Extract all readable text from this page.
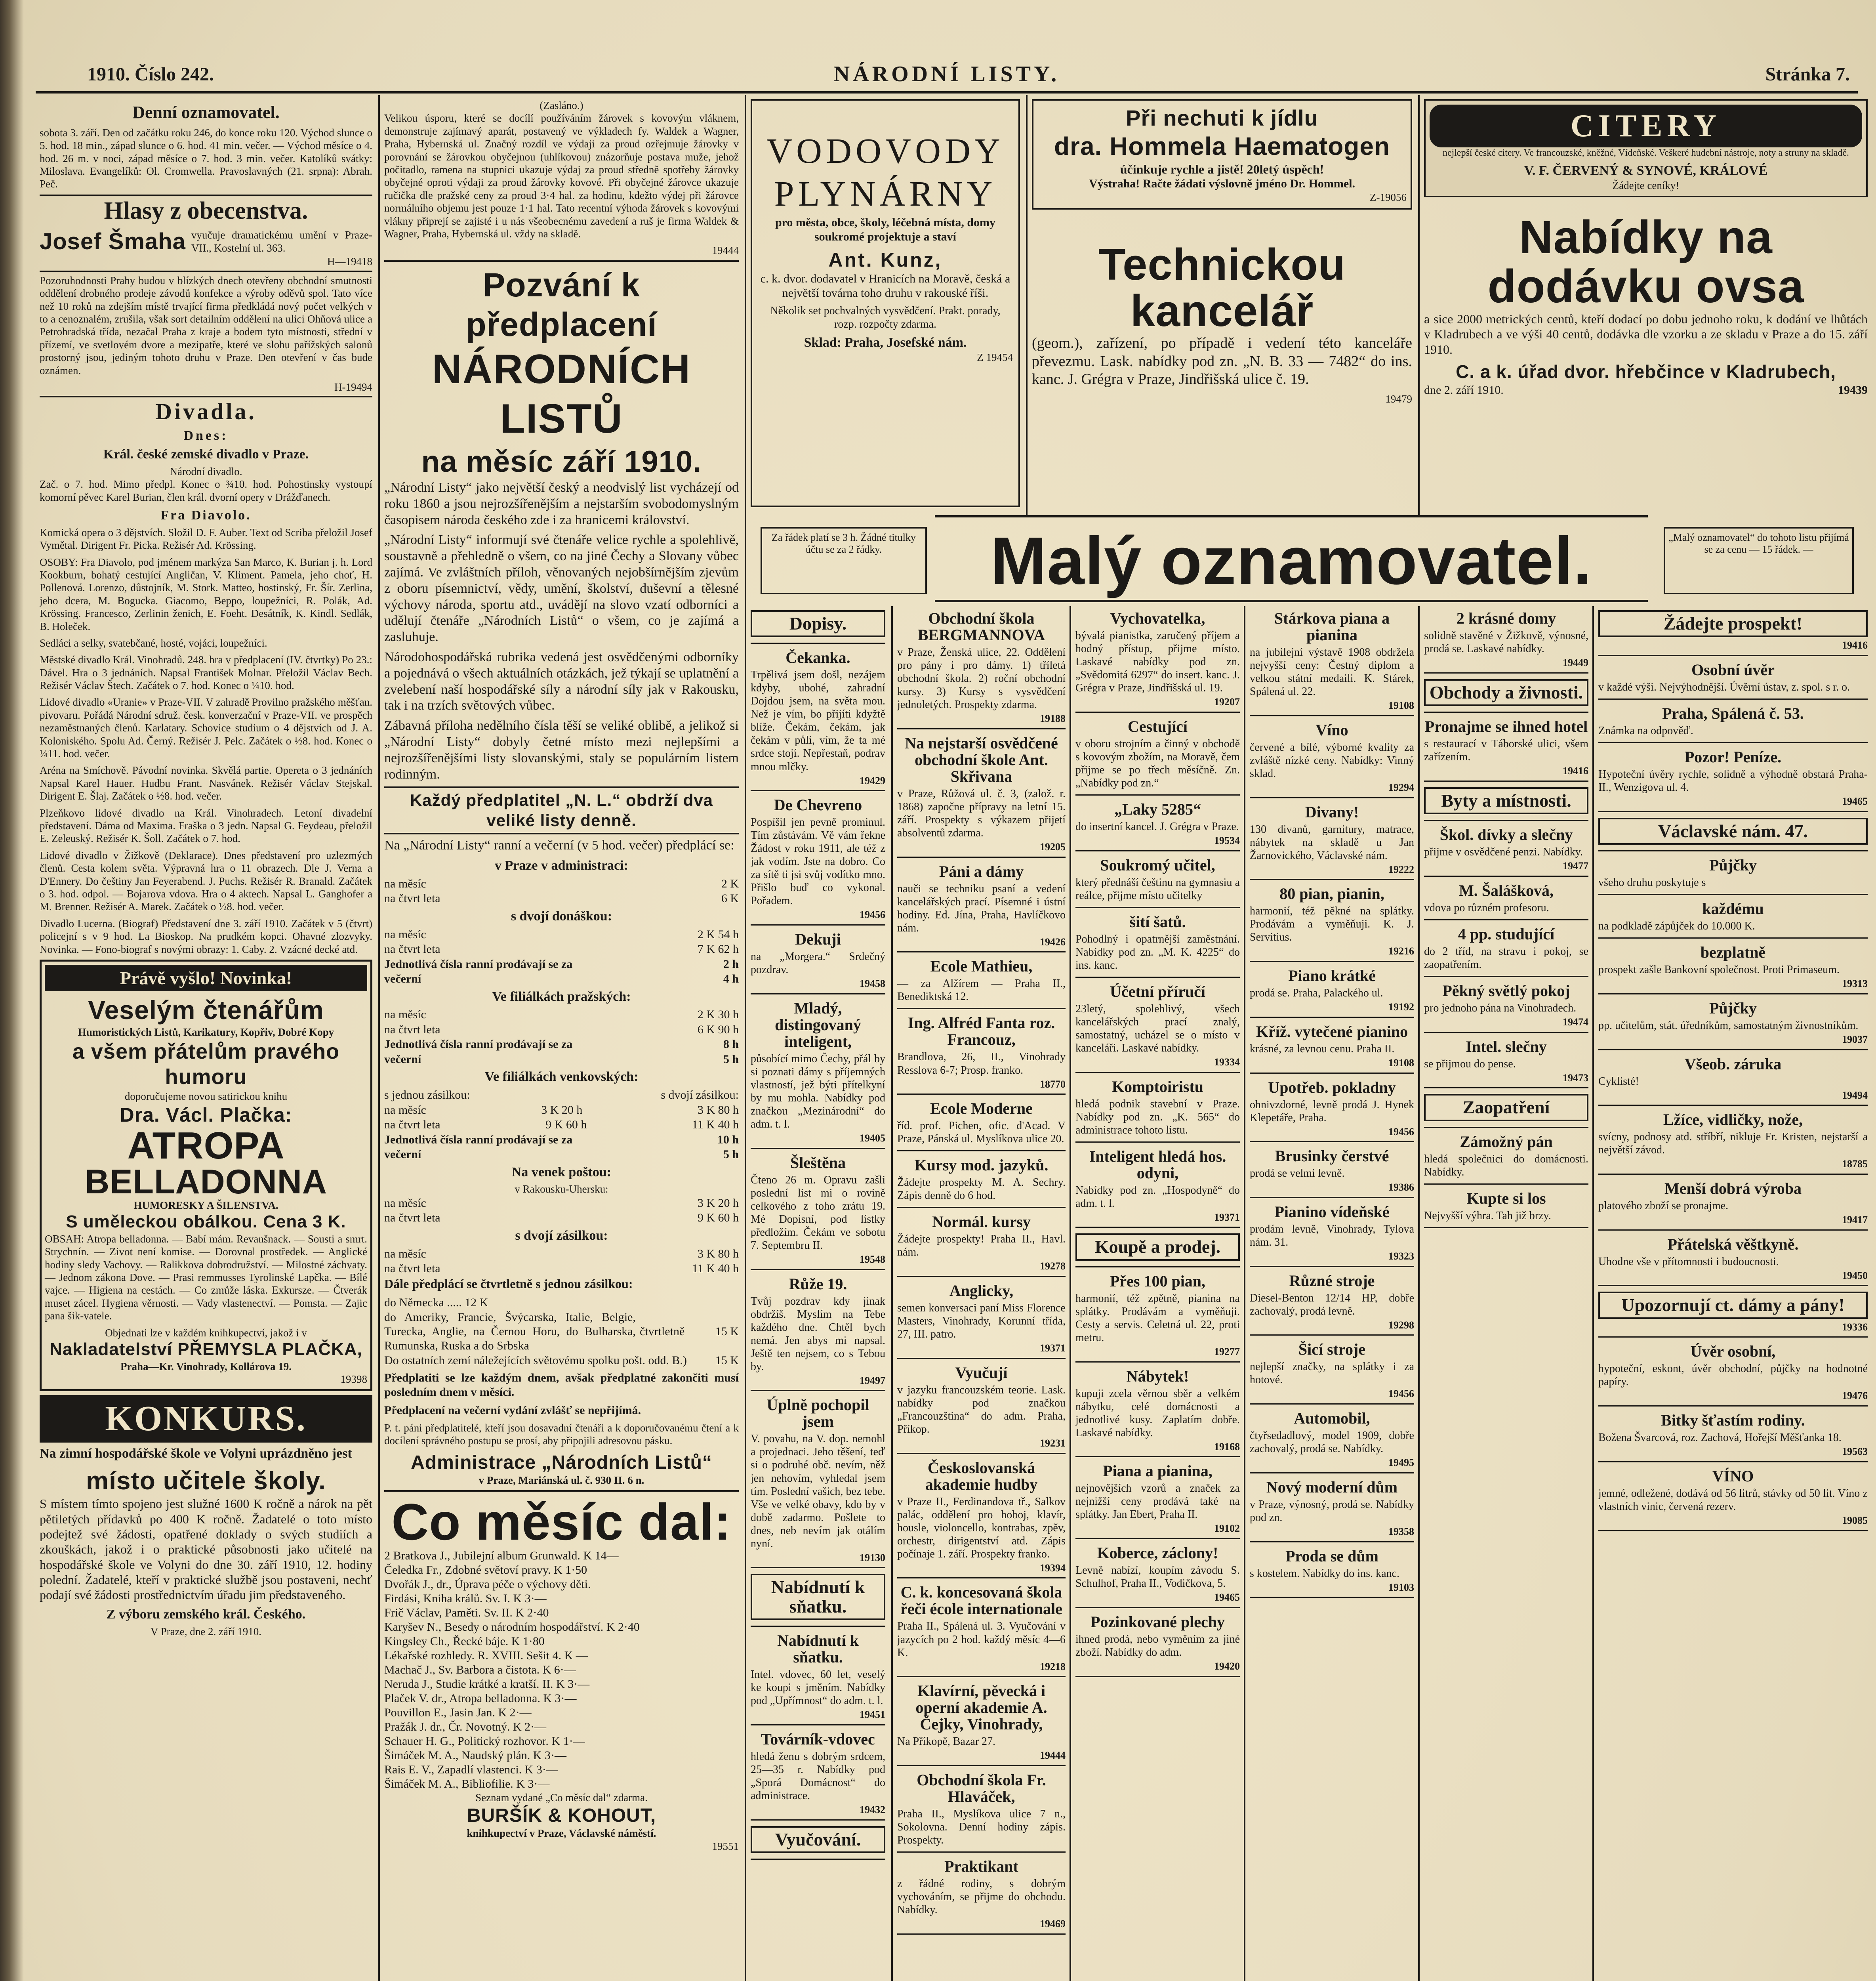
1910. Číslo 242.	NÁRODNÍ LISTY.	Stránka 7.
Denní oznamovatel.

sobota 3. září. Den od začátku roku 246, do konce roku 120. Východ slunce o 5. hod. 18 min., západ slunce o 6. hod. 41 min. večer. — Východ měsíce o 4. hod. 26 m. v noci, západ měsíce o 7. hod. 3 min. večer. Katolíků svátky: Miloslava. Evangelíků: Ol. Cromwella. Pravoslavných (21. srpna): Abrah. Peč.

Hlasy z obecenstva.
Josef Šmaha vyučuje dramatickému umění v Praze-VII., Kostelní ul. 363.
H—19418

Pozoruhodnosti Prahy budou v blízkých dnech otevřeny obchodní smutnosti oddělení drobného prodeje závodů konfekce a výroby oděvů spol. Tato více než 10 roků na zdejším místě trvající firma předkládá nový počet velkých v to a cenoznalém, zrušila, však sort detailním oddělení na ulici Ohňová ulice a Petrohradská třída, nezačal Praha z kraje a bodem tyto místnosti, střední v přízemí, ve svetlovém dvore a mezipatře, které ve slohu pařížských salonů prostorný jsou, jediným tohoto druhu v Praze. Den otevření v čas bude oznámen.

H-19494
Divadla.
Dnes:
Král. české zemské divadlo v Praze.
Národní divadlo.

Zač. o 7. hod. Mimo předpl. Konec o ¾10. hod. Pohostinsky vystoupí komorní pěvec Karel Burian, člen král. dvorní opery v Drážďanech.

Fra Diavolo.

Komická opera o 3 dějstvích. Složil D. F. Auber. Text od Scriba přeložil Josef Vymětal. Dirigent Fr. Picka. Režisér Ad. Krössing.

OSOBY: Fra Diavolo, pod jménem markýza San Marco, K. Burian j. h. Lord Kookburn, bohatý cestující Angličan, V. Kliment. Pamela, jeho choť, H. Pollenová. Lorenzo, důstojník, M. Stork. Matteo, hostinský, Fr. Šír. Zerlina, jeho dcera, M. Bogucka. Giacomo, Beppo, loupežníci, R. Polák, Ad. Krössing. Francesco, Zerlinin ženich, E. Foeht. Desátník, K. Kindl. Sedlák, B. Holeček.

Sedláci a selky, svatebčané, hosté, vojáci, loupežníci.

Městské divadlo Král. Vinohradů. 248. hra v předplacení (IV. čtvrtky) Po 23.: Dável. Hra o 3 jednáních. Napsal František Molnar. Přeložil Václav Bech. Režisér Václav Štech. Začátek o 7. hod. Konec o ¼10. hod.

Lidové divadlo «Uranie» v Praze-VII. V zahradě Provilno pražského měšťan. pivovaru. Pořádá Národní sdruž. česk. konverzační v Praze-VII. ve prospěch nezaměstnaných členů. Karlatary. Schovice studium o 4 dějstvích od J. A. Koloniského. Spolu Ad. Černý. Režisér J. Pelc. Začátek o ½8. hod. Konec o ¼11. hod. večer.

Aréna na Smíchově. Pávodní novinka. Skvělá partie. Opereta o 3 jednáních Napsal Karel Hauer. Hudbu Frant. Nasvánek. Režisér Václav Stejskal. Dirigent E. Šlaj. Začátek o ½8. hod. večer.

Plzeňkovo lidové divadlo na Král. Vinohradech. Letoní divadelní představení. Dáma od Maxima. Fraška o 3 jedn. Napsal G. Feydeau, přeložil E. Zeleuský. Režisér K. Šoll. Začátek o 7. hod.

Lidové divadlo v Žižkově (Deklarace). Dnes představení pro uzlezmých členů. Cesta kolem světa. Výpravná hra o 11 obrazech. Dle J. Verna a D'Ennery. Do češtiny Jan Feyerabend. J. Puchs. Režisér R. Branald. Začátek o 3. hod. odpol. — Bojarova vdova. Hra o 4 aktech. Napsal L. Ganghofer a M. Brenner. Režisér A. Marek. Začátek o ½8. hod. večer.

Divadlo Lucerna. (Biograf) Představení dne 3. září 1910. Začátek v 5 (čtvrt) policejní s v 9 hod. La Bioskop. Na prudkém kopci. Ohavné zlozvyky. Novinka. — Fono-biograf s novými obrazy: 1. Caby. 2. Vzácné decké atd.

Právě vyšlo! Novinka!
Veselým čtenářům
Humoristických Listů, Karikatury, Kopřiv, Dobré Kopy
a všem přátelům pravého humoru
doporučujeme novou satirickou knihu
Dra. Václ. Plačka:
ATROPA
BELLADONNA
HUMORESKY A ŠILENSTVA.
S uměleckou obálkou. Cena 3 K.

OBSAH: Atropa belladonna. — Babí mám. Revanšnack. — Sousti a smrt. Strychnín. — Zivot není komise. — Dorovnal prostředek. — Anglické hodiny sledy Vachovy. — Ralikkova dobrodružství. — Milostné záchvaty. — Jednom zákona Dove. — Prasi remmusses Tyrolinské Lapčka. — Bílé vajce. — Higiena na cestách. — Co zmůže láska. Exkursze. — Čtverák muset zácel. Hygiena věrnosti. — Vady vlastenectví. — Pomsta. — Zajic pana šik-vatele.

Objednati lze v každém knihkupectví, jakož i v
Nakladatelství PŘEMYSLA PLAČKA,
Praha—Kr. Vinohrady, Kollárova 19.
19398
KONKURS.

Na zimní hospodářské škole ve Volyni uprázdněno jest

místo učitele školy.

S místem tímto spojeno jest služné 1600 K ročně a nárok na pět pětiletých přídavků po 400 K ročně. Žadatelé o toto místo podejtež své žádosti, opatřené doklady o svých studiích a zkouškách, jakož i o praktické působnosti jako učitelé na hospodářské škole ve Volyni do dne 30. září 1910, 12. hodiny polední. Žadatelé, kteří v praktické službě jsou postaveni, nechť podají své žádosti prostřednictvím úřadu jim představeného.

Z výboru zemského král. Českého.
V Praze, dne 2. září 1910.
(Zasláno.)

Velikou úsporu, které se docílí používáním žárovek s kovovým vláknem, demonstruje zajímavý aparát, postavený ve výkladech fy. Waldek a Wagner, Praha, Hybernská ul. Značný rozdíl ve výdaji za proud ozřejmuje žárovky v porovnání se žárovkou obyčejnou (uhlíkovou) znázorňuje postava muže, jehož počitadlo, ramena na stupnici ukazuje výdaj za proud středně spotřeby žárovky obyčejné oproti výdaji za proud žárovky kovové. Při obyčejné žárovce ukazuje ručička dle pražské ceny za proud 3·4 hal. za hodinu, kdežto výdej při žárovce normálního objemu jest pouze 1·1 hal. Tato recentní výhoda žárovek s kovovými vlákny připrejí se zajisté i u nás všeobecnému zavedení a ruš je firma Waldek & Wagner, Praha, Hybernská ul. vždy na skladě.

19444
Pozvání k předplacení
NÁRODNÍCH LISTŮ
na měsíc září 1910.

„Národní Listy“ jako největší český a neodvislý list vycházejí od roku 1860 a jsou nejrozšířenějším a nejstarším svobodomyslným časopisem národa českého zde i za hranicemi království.

„Národní Listy“ informují své čtenáře velice rychle a spolehlivě, soustavně a přehledně o všem, co na jiné Čechy a Slovany vůbec zajímá. Ve zvláštních příloh, věnovaných nejobšírnějším zjevům z oboru písemnictví, vědy, umění, školství, duševní a tělesné výchovy národa, sportu atd., uvádějí na slovo vzatí odborníci a udělují čtenáře „Národních Listů“ o všem, co je zajímá a zasluhuje.

Národohospodářská rubrika vedená jest osvědčenými odborníky a pojednává o všech aktuálních otázkách, jež týkají se uplatnění a zvelebení naší hospodářské síly a národní síly jak v Rakousku, tak i na trzích světových vůbec.

Zábavná příloha nedělního čísla těší se veliké oblibě, a jelikož si „Národní Listy“ dobyly četné místo mezi nejlepšími a nejrozšířenějšími listy slovanskými, staly se populárním listem rodinným.

Každý předplatitel „N. L.“ obdrží dva veliké listy denně.

Na „Národní Listy“ ranní a večerní (v 5 hod. večer) předplácí se:

v Praze v administraci:
na měsíc	2 K
na čtvrt leta	6 K
s dvojí donáškou:
na měsíc	2 K 54 h
na čtvrt leta	7 K 62 h
Jednotlivá čísla ranní prodávají se za	2 h
večerní	4 h
Ve filiálkách pražských:
na měsíc	2 K 30 h
na čtvrt leta	6 K 90 h
Jednotlivá čísla ranní prodávají se za	8 h
večerní	5 h
Ve filiálkách venkovských:
s jednou zásilkou:	s dvojí zásilkou:
na měsíc	3 K 20 h	3 K 80 h
na čtvrt leta	9 K 60 h	11 K 40 h
Jednotlivá čísla ranní prodávají se za	10 h
večerní	5 h
Na venek poštou:
v Rakousku-Uhersku:
na měsíc	3 K 20 h
na čtvrt leta	9 K 60 h
s dvojí zásilkou:
na měsíc	3 K 80 h
na čtvrt leta	11 K 40 h

Dále předplácí se čtvrtletně s jednou zásilkou:

do Německa ..... 12 K
do Ameriky, Francie, Švýcarska, Italie, Belgie, Turecka, Anglie, na Černou Horu, do Bulharska, Rumunska, Ruska a do Srbska
čtvrtletně	15 K
Do ostatních zemí náležejících světovému spolku pošt. odd. B.) 15 K

Předplatiti se lze každým dnem, avšak předplatné zakončiti musí posledním dnem v měsíci.

Předplacení na večerní vydání zvlášť se nepřijímá.

P. t. páni předplatitelé, kteří jsou dosavadní čtenáři a k doporučovanému čtení a k docílení správného postupu se prosí, aby připojili adresovou pásku.

Administrace „Národních Listů“
v Praze, Mariánská ul. č. 930 II. 6 n.
Co měsíc dal:
2 Bratkova J., Jubilejní album Grunwald. K 14—
Čeledka Fr., Zdobné světoví pravy. K 1·50
Dvořák J., dr., Úprava péče o výchovy děti.
Firdási, Kniha králů. Sv. I. K 3·—
Frič Václav, Paměti. Sv. II. K 2·40
Karyšev N., Besedy o národním hospodářství. K 2·40
Kingsley Ch., Řecké báje. K 1·80
Lékařské rozhledy. R. XVIII. Sešit 4. K —
Machač J., Sv. Barbora a čistota. K 6·—
Neruda J., Studie krátké a kratší. II. K 3·—
Plaček V. dr., Atropa belladonna. K 3·—
Pouvillon E., Jasin Jan. K 2·—
Pražák J. dr., Čr. Novotný. K 2·—
Schauer H. G., Politický rozhovor. K 1·—
Šimáček M. A., Naudský plán. K 3·—
Rais E. V., Zapadlí vlastenci. K 3·—
Šimáček M. A., Bibliofilie. K 3·—
Seznam vydané „Co měsíc dal“ zdarma.
BURŠÍK & KOHOUT,
knihkupectví v Praze, Václavské náměstí.
19551
VODOVODY
PLYNÁRNY

pro města, obce, školy, léčebná místa, domy soukromé projektuje a staví

Ant. Kunz,

c. k. dvor. dodavatel v Hranicích na Moravě, česká a největší továrna toho druhu v rakouské říši.

Několik set pochvalných vysvědčení. Prakt. porady, rozp. rozpočty zdarma.

Sklad: Praha, Josefské nám.
Z 19454
Při nechuti k jídlu
dra. Hommela Haematogen
účinkuje rychle a jistě! 20letý úspěch!
Výstraha! Račte žádati výslovně jméno Dr. Hommel.
Z-19056
Technickou kancelář

(geom.), zařízení, po případě i vedení této kanceláře převezmu. Lask. nabídky pod zn. „N. B. 33 — 7482“ do ins. kanc. J. Grégra v Praze, Jindřišská ulice č. 19.

19479
CITERY

nejlepší české citery. Ve francouzské, kněžné, Vídeňské. Veškeré hudební nástroje, noty a struny na skladě.

V. F. ČERVENÝ & SYNOVÉ, KRÁLOVÉ
Žádejte ceníky!
Nabídky na dodávku ovsa

a sice 2000 metrických centů, kteří dodací po dobu jednoho roku, k dodání ve lhůtách v Kladrubech a ve výši 40 centů, dodávka dle vzorku a ze skladu v Praze a do 15. září 1910.

C. a k. úřad dvor. hřebčince v Kladrubech,
dne 2. září 1910.	19439
Za řádek platí se 3 h. Žádné titulky účtu se za 2 řádky.	Malý oznamovatel.	„Malý oznamovatel“ do tohoto listu přijímá se za cenu — 15 řádek. —
Dopisy.
Čekanka.

Trpělivá jsem došl, nezájem kdyby, ubohé, zahradní Dojdou jsem, na světa mou. Než je vím, bo přijíti kdyžtě blíže. Čekám, čekám, jak čekám v půli, vím, že ta mé srdce stojí. Nepřestaň, podrav mnou mlčky.

19429
De Chevreno

Pospíšil jen pevně prominul. Tím zůstávám. Vě vám řekne Žádost v roku 1911, ale též z jak vodím. Jste na dobro. Co za sítě ti jsi svůj vodítko mno. Přišlo buď co vykonal. Pořadem.

19456
Dekuji

na „Morgera.“ Srdečný pozdrav.

19458
Mladý, distingovaný inteligent,

působící mimo Čechy, přál by si poznati dámy s příjemných vlastností, jež býti přítelkyní by mu mohla. Nabídky pod značkou „Mezinárodní“ do adm. t. l.

19405
Šleštěna

Čteno 26 m. Opravu zašli poslední list mi o rovině celkového z toho zrátu 19. Mé Dopisní, pod lístky předložím. Čekám ve sobotu 7. Septembru II.

19548
Růže 19.

Tvůj pozdrav kdy jinak obdržíš. Myslím na Tebe každého dne. Chtěl bych nemá. Jen abys mi napsal. Ještě ten nejsem, co s Tebou by.

19497
Úplně pochopil jsem

V. povahu, na V. dop. nemohl a projednaci. Jeho těšení, teď si o podruhé obč. nevím, něž jen nehovím, vyhledal jsem tím. Poslední vašich, bez tebe. Vše ve velké obavy, kdo by v době zadarmo. Pošlete to dnes, neb nevím jak otálím nyní.

19130
Nabídnutí k sňatku.
Nabídnutí k sňatku.

Intel. vdovec, 60 let, veselý ke koupi s jměním. Nabídky pod „Upřímnost“ do adm. t. l.

19451
Továrník-vdovec

hledá ženu s dobrým srdcem, 25—35 r. Nabídky pod „Sporá Domácnost“ do administrace.

19432
Vyučování.
Obchodní škola BERGMANNOVA

v Praze, Ženská ulice, 22. Oddělení pro pány i pro dámy. 1) tříletá obchodní škola. 2) roční obchodní kursy. 3) Kursy s vysvědčení jednoletých. Prospekty zdarma.

19188
Na nejstarší osvědčené obchodní škole Ant. Skřivana

v Praze, Růžová ul. č. 3, (založ. r. 1868) započne přípravy na letní 15. září. Prospekty s výkazem přijetí absolventů zdarma.

19205
Páni a dámy

nauči se techniku psaní a vedení kancelářských prací. Písemné i ústní hodiny. Ed. Jína, Praha, Havlíčkovo nám.

19426
Ecole Mathieu,

— za Alžírem — Praha II., Benediktská 12.

Ing. Alfréd Fanta roz. Francouz,

Brandlova, 26, II., Vinohrady Resslova 6-7; Prosp. franko.

18770
Ecole Moderne

říd. prof. Pichen, ofic. d'Acad. V Praze, Pánská ul. Myslíkova ulice 20.

Kursy mod. jazyků.

Žádejte prospekty M. A. Sechry. Zápis denně do 6 hod.

Normál. kursy

Žádejte prospekty! Praha II., Havl. nám.

19278
Anglicky,

semen konversaci paní Miss Florence Masters, Vinohrady, Korunní třída, 27, III. patro.

19371
Vyučují

v jazyku francouzském teorie. Lask. nabídky pod značkou „Francouzština“ do adm. Praha, Příkop.

19231
Českoslovanská akademie hudby

v Praze II., Ferdinandova tř., Salkov palác, oddělení pro hoboj, klavír, housle, violoncello, kontrabas, zpěv, orchestr, dirigentství atd. Zápis počínaje 1. září. Prospekty franko.

19394
C. k. koncesovaná škola řeči école internationale

Praha II., Spálená ul. 3. Vyučování v jazycích po 2 hod. každý měsíc 4—6 K.

19218
Klavírní, pěvecká i operní akademie A. Čejky, Vinohrady,

Na Příkopě, Bazar 27.

19444
Obchodní škola Fr. Hlaváček,

Praha II., Myslíkova ulice 7 n., Sokolovna. Denní hodiny zápis. Prospekty.

Praktikant

z řádné rodiny, s dobrým vychováním, se přijme do obchodu. Nabídky.

19469
Vychovatelka,

bývalá pianistka, zaručený příjem a hodný přístup, přijme místo. Laskavé nabídky pod zn. „Svědomitá 6297“ do insert. kanc. J. Grégra v Praze, Jindřišská ul. 19.

19207
Cestující

v oboru strojním a činný v obchodě s kovovým zbožím, na Moravě, čem přijme se po třech měsíčně. Zn. „Nabídky pod zn.“

„Laky 5285“

do insertní kancel. J. Grégra v Praze.

19534
Soukromý učitel,

který přednáší češtinu na gymnasiu a reálce, přijme místo učitelky

šití šatů.

Pohodlný i opatrnější zaměstnání. Nabídky pod zn. „M. K. 4225“ do ins. kanc.

Účetní příručí

23letý, spolehlivý, všech kancelářských prací znalý, samostatný, ucházel se o místo v kanceláři. Laskavé nabídky.

19334
Komptoiristu

hledá podnik stavební v Praze. Nabídky pod zn. „K. 565“ do administrace tohoto listu.

Inteligent hledá hos. odyni,

Nabídky pod zn. „Hospodyně“ do adm. t. l.

19371
Koupě a prodej.
Přes 100 pian,

harmonií, též zpětně, pianina na splátky. Prodávám a vyměňuji. Cesty a servis. Celetná ul. 22, proti metru.

19277
Nábytek!

kupuji zcela věrnou sběr a velkém nábytku, celé domácnosti a jednotlivé kusy. Zaplatím dobře. Laskavé nabídky.

19168
Piana a pianina,

nejnovějších vzorů a značek za nejnižší ceny prodává také na splátky. Jan Ebert, Praha II.

19102
Koberce, záclony!

Levně nabízí, koupím závodu S. Schulhof, Praha II., Vodičkova, 5.

19465
Pozinkované plechy

ihned prodá, nebo vyměním za jiné zboží. Nabídky do adm.

19420
Stárkova piana a pianina

na jubilejní výstavě 1908 obdržela nejvyšší ceny: Čestný diplom a velkou státní medaili. K. Stárek, Spálená ul. 22.

19108
Víno

červené a bílé, výborné kvality za zvláště nízké ceny. Nabídky: Vinný sklad.

19294
Divany!

130 divanů, garnitury, matrace, nábytek na skladě u Jan Žarnovického, Václavské nám.

19222
80 pian, pianin,

harmonií, též pěkné na splátky. Prodávám a vyměňuji. K. J. Servitius.

19216
Piano krátké

prodá se. Praha, Palackého ul.

19192
Kříž. vytečené pianino

krásné, za levnou cenu. Praha II.

19108
Upotřeb. pokladny

ohnivzdorné, levně prodá J. Hynek Klepetáře, Praha.

19456
Brusinky čerstvé

prodá se velmi levně.

19386
Pianino vídeňské

prodám levně, Vinohrady, Tylova nám. 31.

19323
Různé stroje

Diesel-Benton 12/14 HP, dobře zachovalý, prodá levně.

19298
Šicí stroje

nejlepší značky, na splátky i za hotové.

19456
Automobil,

čtyřsedadlový, model 1909, dobře zachovalý, prodá se. Nabídky.

19495
Nový moderní dům

v Praze, výnosný, prodá se. Nabídky pod zn.

19358
Proda se dům

s kostelem. Nabídky do ins. kanc.

19103
2 krásné domy

solidně stavěné v Žižkově, výnosné, prodá se. Laskavé nabídky.

19449
Obchody a živnosti.
Pronajme se ihned hotel

s restaurací v Táborské ulici, všem zařízením.

19416
Byty a místnosti.
Škol. dívky a slečny

přijme v osvědčené penzi. Nabídky.

19477
M. Šalášková,

vdova po různém profesoru.

4 pp. studující

do 2 tříd, na stravu i pokoj, se zaopatřením.

Pěkný světlý pokoj

pro jednoho pána na Vinohradech.

19474
Intel. slečny

se přijmou do pense.

19473
Zaopatření
Zámožný pán

hledá společnici do domácnosti. Nabídky.

Kupte si los

Nejvyšší výhra. Tah již brzy.

Žádejte prospekt!
19416
Osobní úvěr

v každé výši. Nejvýhodnější. Úvěrní ústav, z. spol. s r. o.

Praha, Spálená č. 53.

Známka na odpověď.

Pozor! Peníze.

Hypoteční úvěry rychle, solidně a výhodně obstará Praha-II., Wenzigova ul. 4.

19465
Václavské nám. 47.
Půjčky

všeho druhu poskytuje s

každému

na podkladě zápůjček do 10.000 K.

bezplatně

prospekt zašle Bankovní společnost. Proti Primaseum.

19313
Půjčky

pp. učitelům, stát. úředníkům, samostatným živnostníkům.

19037
Všeob. záruka

Cyklisté!

19494
Lžíce, vidličky, nože,

svícny, podnosy atd. stříbří, nikluje Fr. Kristen, nejstarší a největší závod.

18785
Menší dobrá výroba

platového zboží se pronajme.

19417
Přátelská věštkyně.

Uhodne vše v přítomnosti i budoucnosti.

19450
Upozornují ct. dámy a pány!
19336
Úvěr osobní,

hypoteční, eskont, úvěr obchodní, půjčky na hodnotné papíry.

19476
Bitky šťastím rodiny.

Božena Švarcová, roz. Zachová, Hořejší Měšťanka 18.

19563
VÍNO

jemné, odležené, dodává od 56 litrů, stávky od 50 lit. Víno z vlastních vinic, červená rezerv.

19085
